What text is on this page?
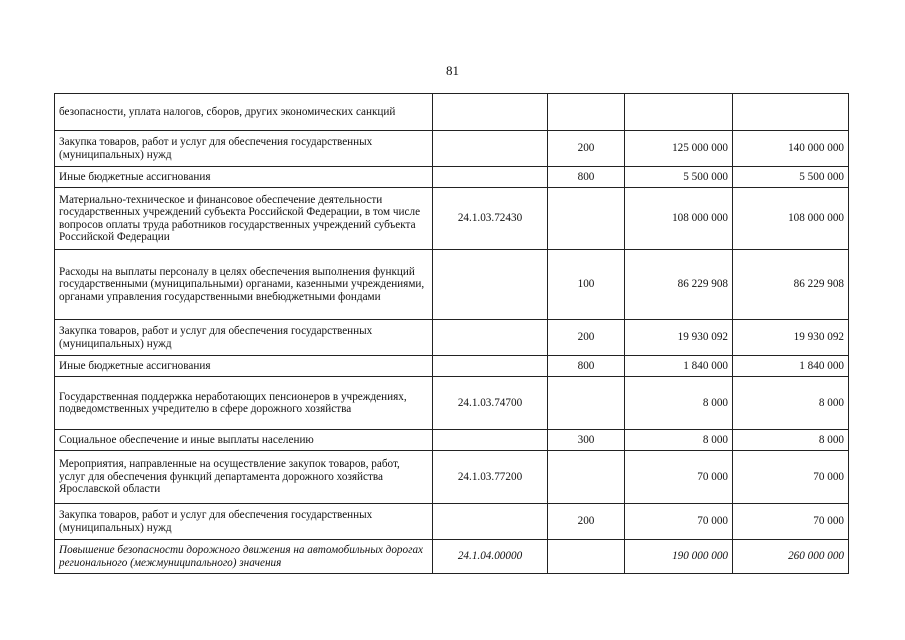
81
безопасности, уплата налогов, сборов, других экономических санкций				
Закупка товаров, работ и услуг для обеспечения государственных (муниципальных) нужд		200	125 000 000	140 000 000
Иные бюджетные ассигнования		800	5 500 000	5 500 000
Материально-техническое и финансовое обеспечение деятельности государственных учреждений субъекта Российской Федерации, в том числе вопросов оплаты труда работников государственных учреждений субъекта Российской Федерации	24.1.03.72430		108 000 000	108 000 000
Расходы на выплаты персоналу в целях обеспечения выполнения функций государственными (муниципальными) органами, казенными учреждениями, органами управления государственными внебюджетными фондами		100	86 229 908	86 229 908
Закупка товаров, работ и услуг для обеспечения государственных (муниципальных) нужд		200	19 930 092	19 930 092
Иные бюджетные ассигнования		800	1 840 000	1 840 000
Государственная поддержка неработающих пенсионеров в учреждениях, подведомственных учредителю в сфере дорожного хозяйства	24.1.03.74700		8 000	8 000
Социальное обеспечение и иные выплаты населению		300	8 000	8 000
Мероприятия, направленные на осуществление закупок товаров, работ, услуг для обеспечения функций департамента дорожного хозяйства Ярославской области	24.1.03.77200		70 000	70 000
Закупка товаров, работ и услуг для обеспечения государственных (муниципальных) нужд		200	70 000	70 000
Повышение безопасности дорожного движения на автомобильных дорогах регионального (межмуниципального) значения	24.1.04.00000		190 000 000	260 000 000
